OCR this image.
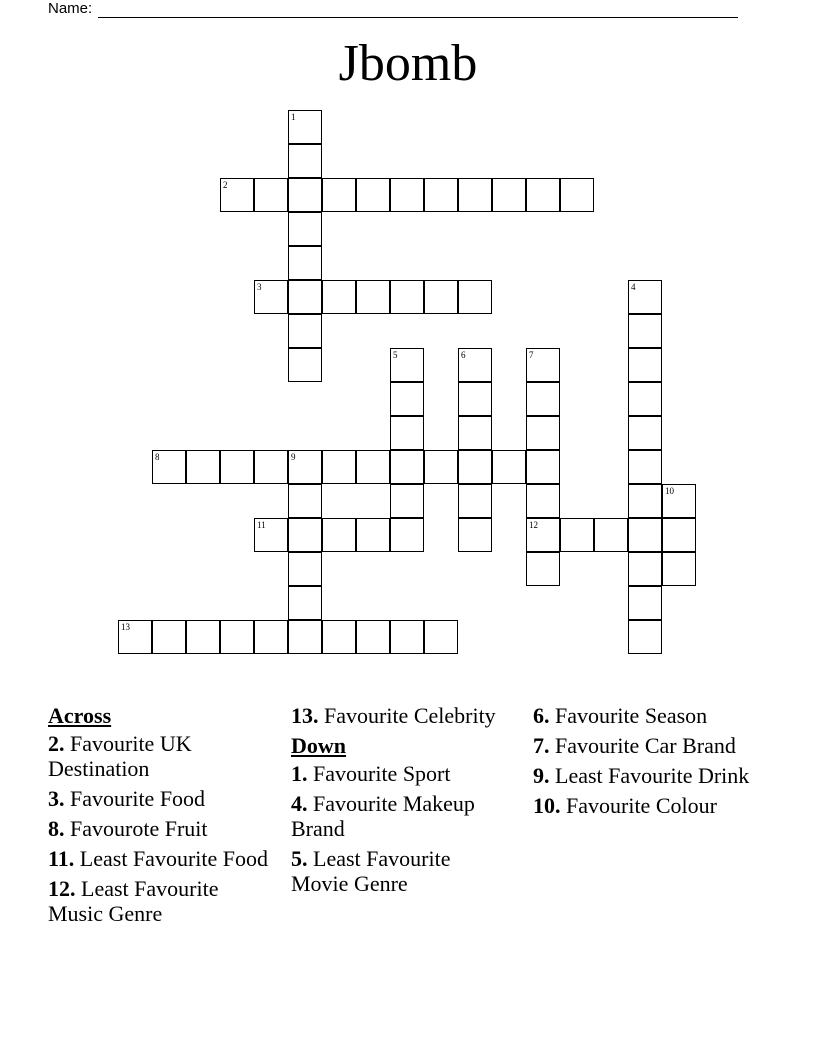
Name:
Jbomb
1
2
3	4
5	6	7
12
8	9
10
11
13
Across
2. Favourite UK Destination
3. Favourite Food
8. Favourote Fruit
11. Least Favourite Food
12. Least Favourite Music Genre
13. Favourite Celebrity
Down
1. Favourite Sport
4. Favourite Makeup Brand
5. Least Favourite Movie Genre
6. Favourite Season
7. Favourite Car Brand
9. Least Favourite Drink
10. Favourite Colour
